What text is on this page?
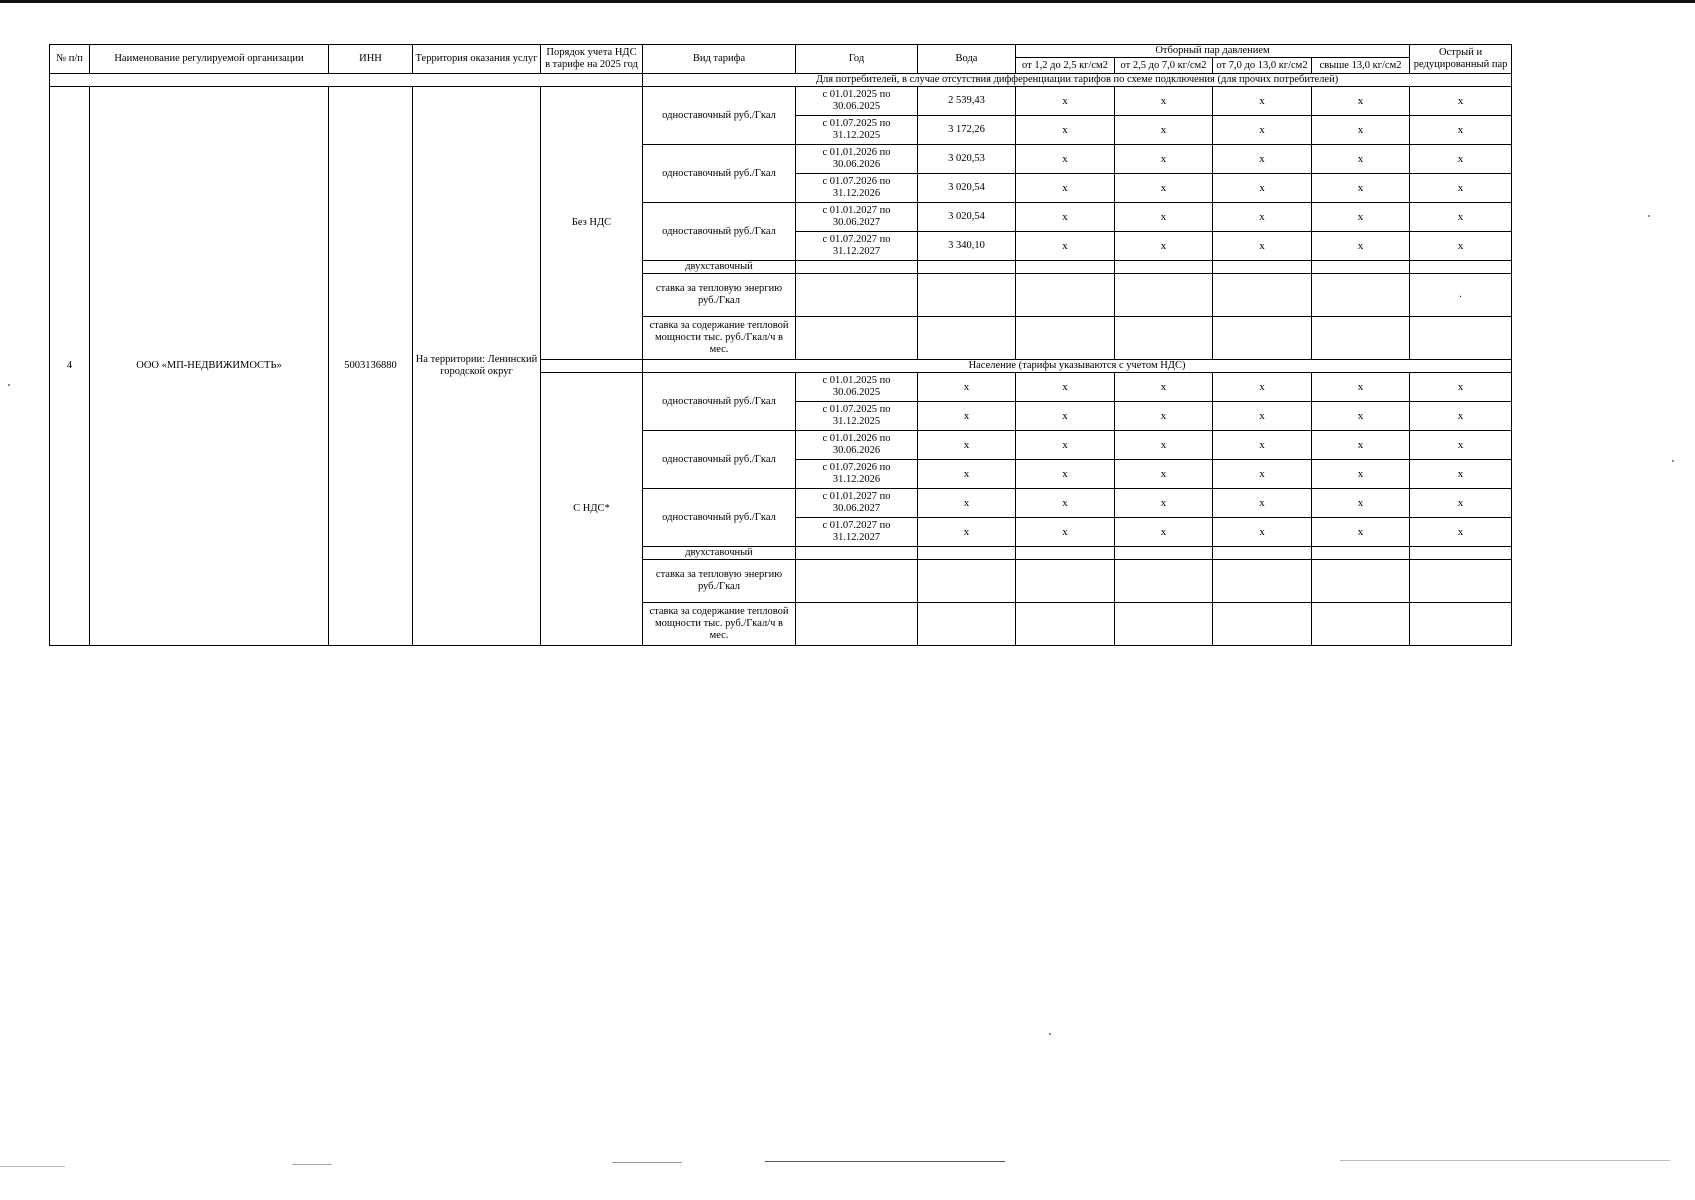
№ п/п	Наименование регулируемой организации	ИНН	Территория оказания услуг	Порядок учета НДС в тарифе на 2025 год	Вид тарифа	Год	Вода	Отборный пар давлением				Острый и редуцированный пар
								от 1,2 до 2,5 кг/см2	от 2,5 до 7,0 кг/см2	от 7,0 до 13,0 кг/см2	свыше 13,0 кг/см2	
					Для потребителей, в случае отсутствия дифференциации тарифов по схеме подключения (для прочих потребителей)							
4	ООО «МП-НЕДВИЖИМОСТЬ»	5003136880	На территории: Ленинский городской округ	Без НДС	одноставочный руб./Гкал	с 01.01.2025 по 30.06.2025	2 539,43	x	x	x	x	x
						с 01.07.2025 по 31.12.2025	3 172,26	x	x	x	x	x
					одноставочный руб./Гкал	с 01.01.2026 по 30.06.2026	3 020,53	x	x	x	x	x
						с 01.07.2026 по 31.12.2026	3 020,54	x	x	x	x	x
					одноставочный руб./Гкал	с 01.01.2027 по 30.06.2027	3 020,54	x	x	x	x	x
						с 01.07.2027 по 31.12.2027	3 340,10	x	x	x	x	x
					двухставочный							
					ставка за тепловую энергию руб./Гкал							.
					ставка за содержание тепловой мощности тыс. руб./Гкал/ч в мес.							
					Население (тарифы указываются с учетом НДС)							
				С НДС*	одноставочный руб./Гкал	с 01.01.2025 по 30.06.2025	x	x	x	x	x	x
						с 01.07.2025 по 31.12.2025	x	x	x	x	x	x
					одноставочный руб./Гкал	с 01.01.2026 по 30.06.2026	x	x	x	x	x	x
						с 01.07.2026 по 31.12.2026	x	x	x	x	x	x
					одноставочный руб./Гкал	с 01.01.2027 по 30.06.2027	x	x	x	x	x	x
						с 01.07.2027 по 31.12.2027	x	x	x	x	x	x
					двухставочный							
					ставка за тепловую энергию руб./Гкал							
					ставка за содержание тепловой мощности тыс. руб./Гкал/ч в мес.							
